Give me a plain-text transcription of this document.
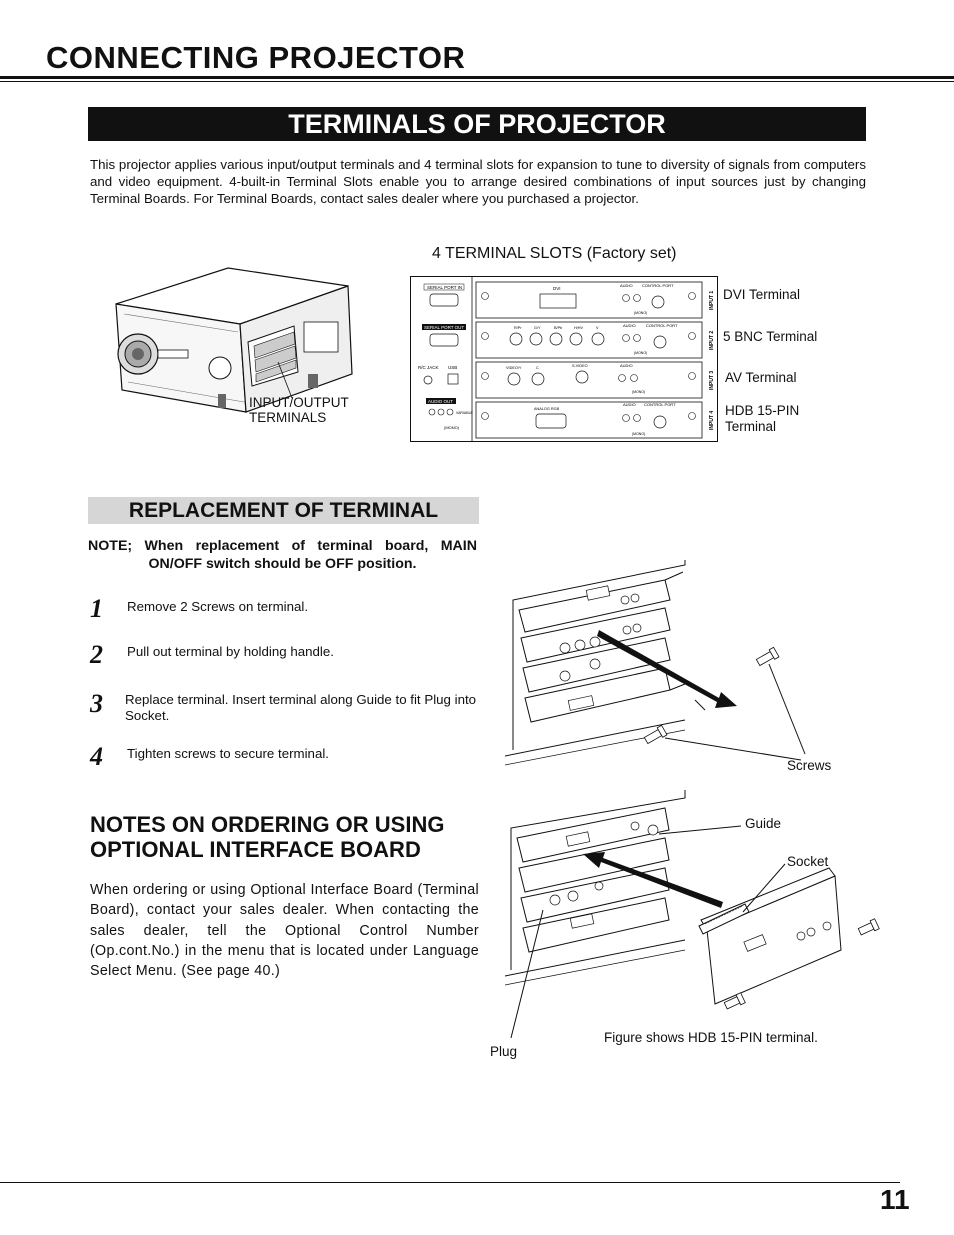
CONNECTING PROJECTOR
TERMINALS OF PROJECTOR
This projector applies various input/output terminals and 4 terminal slots for expansion to tune to diversity of signals from computers and video equipment. 4-built-in Terminal Slots enable you to arrange desired combinations of input sources just by changing Terminal Boards. For Terminal Boards, contact sales dealer where you purchased a projector.
4 TERMINAL SLOTS (Factory set)
INPUT/OUTPUT
TERMINALS
SERIAL PORT IN
SERIAL PORT OUT
R/C JACK USB
AUDIO OUT
VARIABLE
(MONO)
DVI
AUDIO CONTROL PORT
(MONO)
INPUT 1
R/Pr	G/Y	B/Pb	H/HV	V	AUDIO	CONTROL PORT
(MONO)
INPUT 2
VIDEO/Y	C	S-VIDEO	AUDIO
(MONO)
INPUT 3
ANALOG RGB
AUDIO CONTROL PORT
(MONO)
INPUT 4
DVI Terminal
5 BNC Terminal
AV Terminal
HDB 15-PIN
Terminal
REPLACEMENT OF TERMINAL
NOTE; When replacement of terminal board, MAIN
ON/OFF switch should be OFF position.
1 Remove 2 Screws on terminal.
2 Pull out terminal by holding handle.
3 Replace terminal. Insert terminal along Guide to fit Plug into Socket.
4 Tighten screws to secure terminal.
Screws
Guide
Socket
Plug
Figure shows HDB 15-PIN terminal.
NOTES ON ORDERING OR USING
OPTIONAL INTERFACE BOARD
When ordering or using Optional Interface Board (Terminal Board), contact your sales dealer. When contacting the sales dealer, tell the Optional Control Number (Op.cont.No.) in the menu that is located under Language Select Menu. (See page 40.)
11
